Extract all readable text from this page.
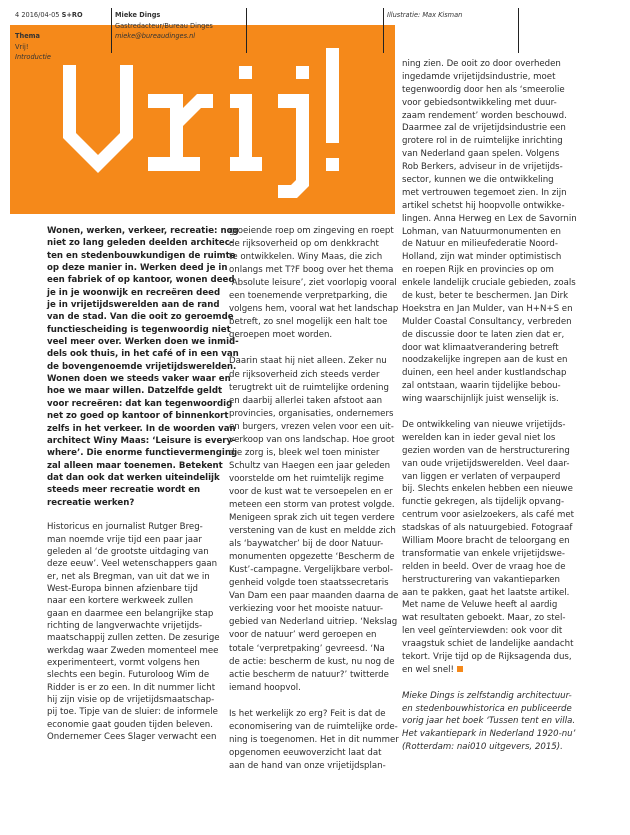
4 2016/04-05 S+RO
Thema
Vrij!
Introductie
Mieke Dings
Gastredacteur/Bureau Dinges
mieke@bureaudinges.nl
Illustratie: Max Kisman
Wonen, werken, verkeer, recreatie: nog
niet zo lang geleden deelden architec-
ten en stedenbouwkundigen de ruimte
op deze manier in. Werken deed je in
een fabriek of op kantoor, wonen deed
je in je woonwijk en recreëren deed
je in vrijetijdswerelden aan de rand
van de stad. Van die ooit zo geroemde
functiescheiding is tegenwoordig niet
veel meer over. Werken doen we inmid-
dels ook thuis, in het café of in een van
de bovengenoemde vrijetijdswerelden.
Wonen doen we steeds vaker waar en
hoe we maar willen. Datzelfde geldt
voor recreëren: dat kan tegenwoordig
net zo goed op kantoor of binnenkort
zelfs in het verkeer. In de woorden van
architect Winy Maas: ‘Leisure is every-
where’. Die enorme functievermenging
zal alleen maar toenemen. Betekent
dat dan ook dat werken uiteindelijk
steeds meer recreatie wordt en
recreatie werken?
Historicus en journalist Rutger Breg-
man noemde vrije tijd een paar jaar
geleden al ‘de grootste uitdaging van
deze eeuw’. Veel wetenschappers gaan
er, net als Bregman, van uit dat we in
West-Europa binnen afzienbare tijd
naar een kortere werkweek zullen
gaan en daarmee een belangrijke stap
richting de langverwachte vrijetijds-
maatschappij zullen zetten. De zesurige
werkdag waar Zweden momenteel mee
experimenteert, vormt volgens hen
slechts een begin. Futuroloog Wim de
Ridder is er zo een. In dit nummer licht
hij zijn visie op de vrijetijdsmaatschap-
pij toe. Tipje van de sluier: de informele
economie gaat gouden tijden beleven.
Ondernemer Cees Slager verwacht een
groeiende roep om zingeving en roept
de rijksoverheid op om denkkracht
te ontwikkelen. Winy Maas, die zich
onlangs met T?F boog over het thema
‘Absolute leisure’, ziet voorlopig vooral
een toenemende verpretparking, die
volgens hem, vooral wat het landschap
betreft, zo snel mogelijk een halt toe
geroepen moet worden.
Daarin staat hij niet alleen. Zeker nu
de rijksoverheid zich steeds verder
terugtrekt uit de ruimtelijke ordening
en daarbij allerlei taken afstoot aan
provincies, organisaties, ondernemers
en burgers, vrezen velen voor een uit-
verkoop van ons landschap. Hoe groot
die zorg is, bleek wel toen minister
Schultz van Haegen een jaar geleden
voorstelde om het ruimtelijk regime
voor de kust wat te versoepelen en er
meteen een storm van protest volgde.
Menigeen sprak zich uit tegen verdere
verstening van de kust en meldde zich
als ‘baywatcher’ bij de door Natuur-
monumenten opgezette ‘Bescherm de
Kust’-campagne. Vergelijkbare verbol-
genheid volgde toen staatssecretaris
Van Dam een paar maanden daarna de
verkiezing voor het mooiste natuur-
gebied van Nederland uitriep. ‘Nekslag
voor de natuur’ werd geroepen en
totale ‘verpretpaking’ gevreesd. ‘Na
de actie: bescherm de kust, nu nog de
actie bescherm de natuur?’ twitterde
iemand hoopvol.
Is het werkelijk zo erg? Feit is dat de
economisering van de ruimtelijke orde-
ning is toegenomen. Het in dit nummer
opgenomen eeuwoverzicht laat dat
aan de hand van onze vrijetijdsplan-
ning zien. De ooit zo door overheden
ingedamde vrijetijdsindustrie, moet
tegenwoordig door hen als ‘smeerolie
voor gebiedsontwikkeling met duur-
zaam rendement’ worden beschouwd.
Daarmee zal de vrijetijdsindustrie een
grotere rol in de ruimtelijke inrichting
van Nederland gaan spelen. Volgens
Rob Berkers, adviseur in de vrijetijds-
sector, kunnen we die ontwikkeling
met vertrouwen tegemoet zien. In zijn
artikel schetst hij hoopvolle ontwikke-
lingen. Anna Herweg en Lex de Savornin
Lohman, van Natuurmonumenten en
de Natuur en milieufederatie Noord-
Holland, zijn wat minder optimistisch
en roepen Rijk en provincies op om
enkele landelijk cruciale gebieden, zoals
de kust, beter te beschermen. Jan Dirk
Hoekstra en Jan Mulder, van H+N+S en
Mulder Coastal Consultancy, verbreden
de discussie door te laten zien dat er,
door wat klimaatverandering betreft
noodzakelijke ingrepen aan de kust en
duinen, een heel ander kustlandschap
zal ontstaan, waarin tijdelijke bebou-
wing waarschijnlijk juist wenselijk is.
De ontwikkeling van nieuwe vrijetijds-
werelden kan in ieder geval niet los
gezien worden van de herstructurering
van oude vrijetijdswerelden. Veel daar-
van liggen er verlaten of verpauperd
bij. Slechts enkelen hebben een nieuwe
functie gekregen, als tijdelijk opvang-
centrum voor asielzoekers, als café met
stadskas of als natuurgebied. Fotograaf
William Moore bracht de teloorgang en
transformatie van enkele vrijetijdswe-
relden in beeld. Over de vraag hoe de
herstructurering van vakantieparken
aan te pakken, gaat het laatste artikel.
Met name de Veluwe heeft al aardig
wat resultaten geboekt. Maar, zo stel-
len veel geïnterviewden: ook voor dit
vraagstuk schiet de landelijke aandacht
tekort. Vrije tijd op de Rijksagenda dus,
en wel snel!
Mieke Dings is zelfstandig architectuur-
en stedenbouwhistorica en publiceerde
vorig jaar het boek ‘Tussen tent en villa.
Het vakantiepark in Nederland 1920-nu’
(Rotterdam: nai010 uitgevers, 2015).
